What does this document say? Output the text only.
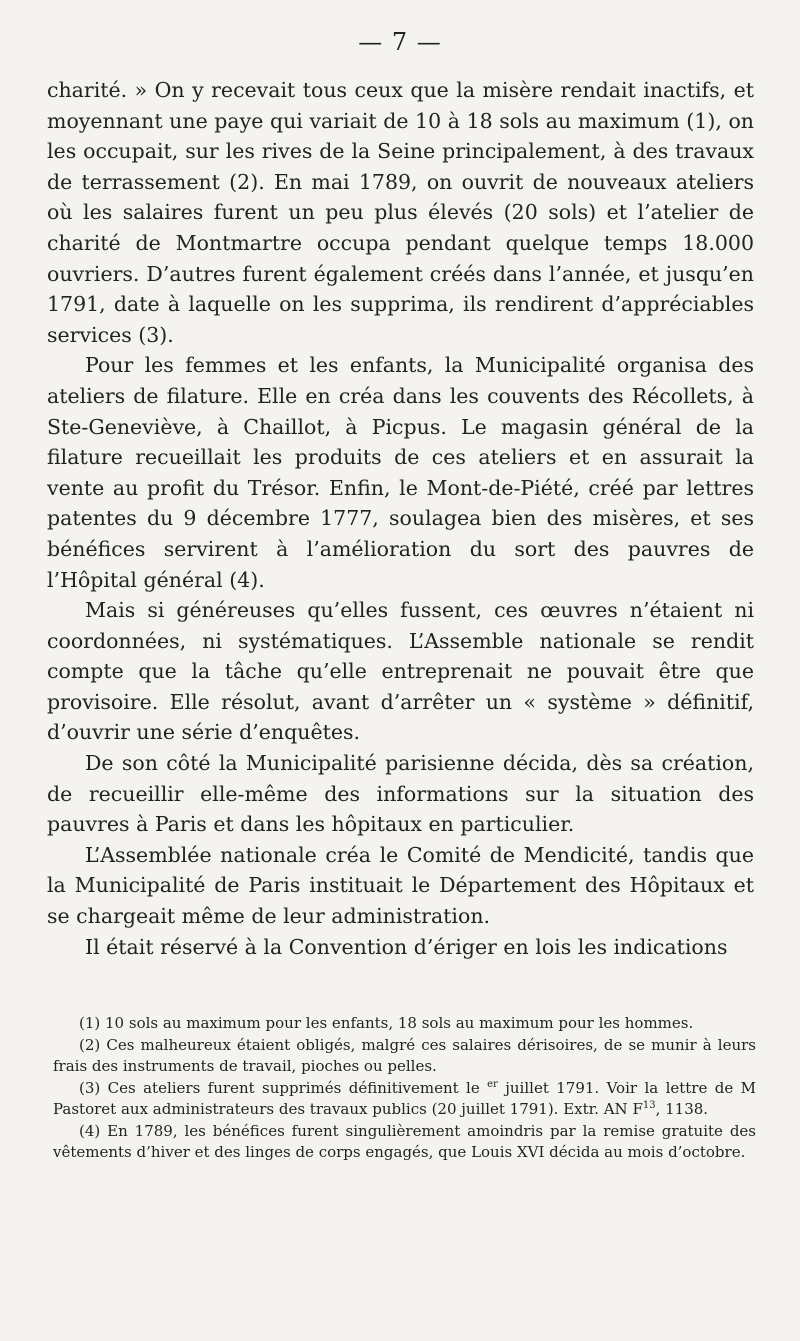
— 7 —

charité. » On y recevait tous ceux que la misère rendait inactifs, et moyennant une paye qui variait de 10 à 18 sols au maximum (1), on les occupait, sur les rives de la Seine principalement, à des travaux de terrassement (2). En mai 1789, on ouvrit de nouveaux ateliers où les salaires furent un peu plus élevés (20 sols) et l’atelier de charité de Montmartre occupa pendant quelque temps 18.000 ouvriers. D’autres furent également créés dans l’année, et jusqu’en 1791, date à laquelle on les supprima, ils rendirent d’appréciables services (3).

Pour les femmes et les enfants, la Municipalité organisa des ateliers de filature. Elle en créa dans les couvents des Récollets, à Ste-Geneviève, à Chaillot, à Picpus. Le magasin général de la filature recueillait les produits de ces ateliers et en assurait la vente au profit du Trésor. Enfin, le Mont-de-Piété, créé par lettres patentes du 9 décembre 1777, soulagea bien des misères, et ses bénéfices servirent à l’amélioration du sort des pauvres de l’Hôpital général (4).

Mais si généreuses qu’elles fussent, ces œuvres n’étaient ni coordonnées, ni systématiques. L’Assemble nationale se rendit compte que la tâche qu’elle entreprenait ne pouvait être que provisoire. Elle résolut, avant d’arrêter un « système » définitif, d’ouvrir une série d’enquêtes.

De son côté la Municipalité parisienne décida, dès sa création, de recueillir elle-même des informations sur la situation des pauvres à Paris et dans les hôpitaux en particulier.

L’Assemblée nationale créa le Comité de Mendicité, tandis que la Municipalité de Paris instituait le Département des Hôpitaux et se chargeait même de leur administration.

Il était réservé à la Convention d’ériger en lois les indications

(1) 10 sols au maximum pour les enfants, 18 sols au maximum pour les hommes.

(2) Ces malheureux étaient obligés, malgré ces salaires dérisoires, de se munir à leurs frais des instruments de travail, pioches ou pelles.

(3) Ces ateliers furent supprimés définitivement le $^{er}$ juillet 1791. Voir la lettre de M Pastoret aux administrateurs des travaux publics (20 juillet 1791). Extr. AN $F^{13}$, 1138.

(4) En 1789, les bénéfices furent singulièrement amoindris par la remise gratuite des vêtements d’hiver et des linges de corps engagés, que Louis XVI décida au mois d’octobre.
